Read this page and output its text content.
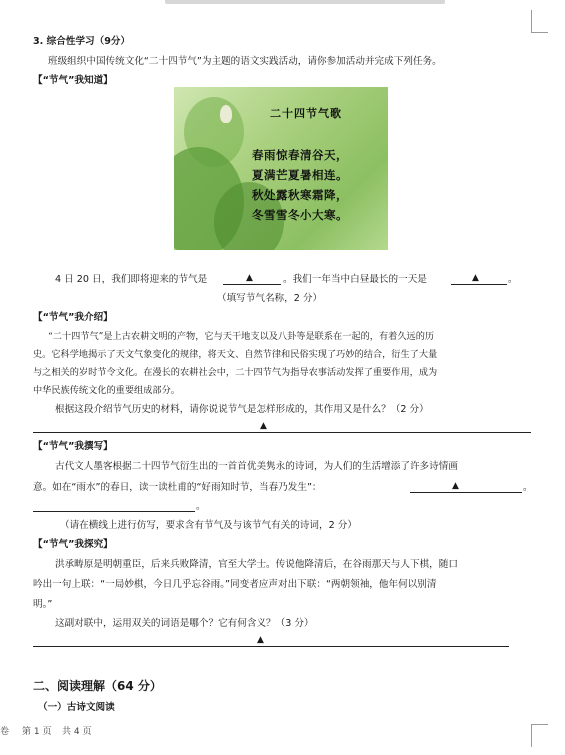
3. 综合性学习（9分）
班级组织中国传统文化“二十四节气”为主题的语文实践活动，请你参加活动并完成下列任务。
【“节气”我知道】
二十四节气歌
春雨惊春清谷天，
夏满芒夏暑相连。
秋处露秋寒霜降，
冬雪雪冬小大寒。
4 日 20 日，我们即将迎来的节气是	▲	。我们一年当中白昼最长的一天是	▲	。
（填写节气名称，2 分）
【“节气”我介绍】
“二十四节气”是上古农耕文明的产物，它与天干地支以及八卦等是联系在一起的，有着久远的历
史。它科学地揭示了天文气象变化的规律，将天文、自然节律和民俗实现了巧妙的结合，衍生了大量
与之相关的岁时节令文化。在漫长的农耕社会中，二十四节气为指导农事活动发挥了重要作用，成为
中华民族传统文化的重要组成部分。
根据这段介绍节气历史的材料，请你说说节气是怎样形成的，其作用又是什么？（2 分）
▲
【“节气”我撰写】
古代文人墨客根据二十四节气衍生出的一首首优美隽永的诗词，为人们的生活增添了许多诗情画
意。如在“雨水”的春日，读一读杜甫的“好雨知时节，当春乃发生”：	▲	。
。
（请在横线上进行仿写，要求含有节气及与该节气有关的诗词，2 分）
【“节气”我探究】
洪承畴原是明朝重臣，后来兵败降清，官至大学士。传说他降清后，在谷雨那天与人下棋，随口
吟出一句上联：“一局妙棋，今日几乎忘谷雨。”同变者应声对出下联：“两朝领袖，他年何以别清
明。”
这副对联中，运用双关的词语是哪个？它有何含义？（3 分）
▲
二、阅读理解（64 分）
（一）古诗文阅读
卷 第 1 页 共 4 页
